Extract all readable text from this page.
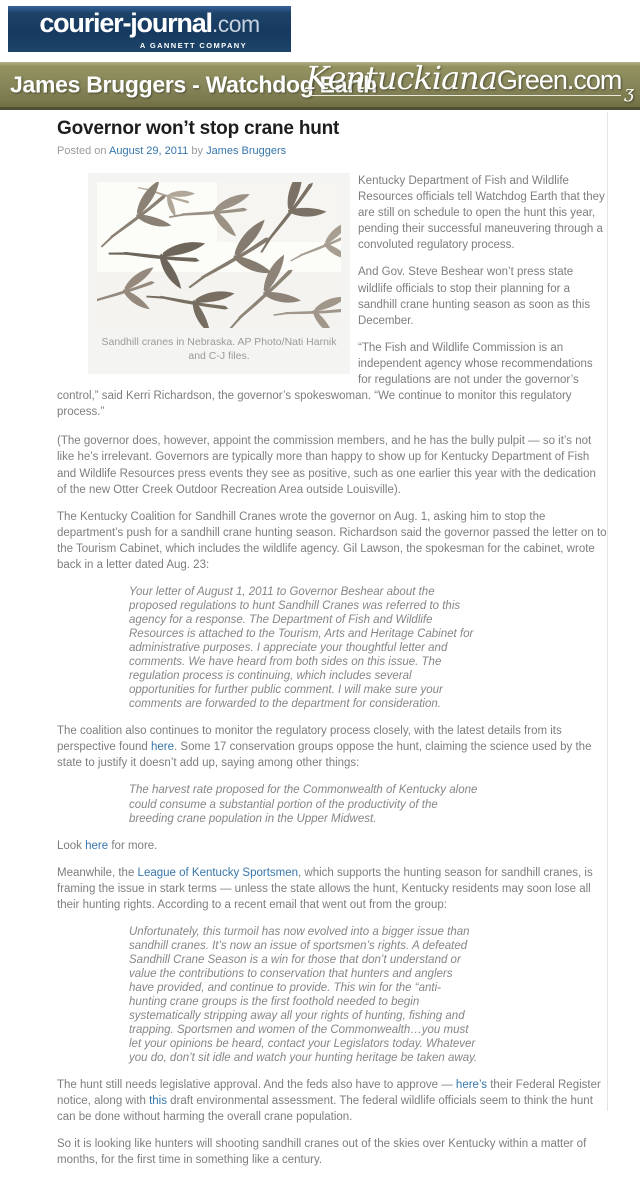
courier-journal.com
A GANNETT COMPANY
James Bruggers - Watchdog Earth
KentuckianaGreen.com ʒ
Governor won’t stop crane hunt
Posted on August 29, 2011 by James Bruggers
Sandhill cranes in Nebraska. AP Photo/Nati Harnik and C-J files.

Kentucky Department of Fish and Wildlife Resources officials tell Watchdog Earth that they are still on schedule to open the hunt this year, pending their successful maneuvering through a convoluted regulatory process.

And Gov. Steve Beshear won’t press state wildlife officials to stop their planning for a sandhill crane hunting season as soon as this December.

“The Fish and Wildlife Commission is an independent agency whose recommendations for regulations are not under the governor’s control,” said Kerri Richardson, the governor’s spokeswoman. “We continue to monitor this regulatory process.”

(The governor does, however, appoint the commission members, and he has the bully pulpit — so it’s not like he’s irrelevant. Governors are typically more than happy to show up for Kentucky Department of Fish and Wildlife Resources press events they see as positive, such as one earlier this year with the dedication of the new Otter Creek Outdoor Recreation Area outside Louisville).

The Kentucky Coalition for Sandhill Cranes wrote the governor on Aug. 1, asking him to stop the department’s push for a sandhill crane hunting season. Richardson said the governor passed the letter on to the Tourism Cabinet, which includes the wildlife agency. Gil Lawson, the spokesman for the cabinet, wrote back in a letter dated Aug. 23:

Your letter of August 1, 2011 to Governor Beshear about the proposed regulations to hunt Sandhill Cranes was referred to this agency for a response. The Department of Fish and Wildlife Resources is attached to the Tourism, Arts and Heritage Cabinet for administrative purposes. I appreciate your thoughtful letter and comments. We have heard from both sides on this issue. The regulation process is continuing, which includes several opportunities for further public comment. I will make sure your comments are forwarded to the department for consideration.

The coalition also continues to monitor the regulatory process closely, with the latest details from its perspective found here. Some 17 conservation groups oppose the hunt, claiming the science used by the state to justify it doesn’t add up, saying among other things:

The harvest rate proposed for the Commonwealth of Kentucky alone could consume a substantial portion of the productivity of the breeding crane population in the Upper Midwest.

Look here for more.

Meanwhile, the League of Kentucky Sportsmen, which supports the hunting season for sandhill cranes, is framing the issue in stark terms — unless the state allows the hunt, Kentucky residents may soon lose all their hunting rights. According to a recent email that went out from the group:

Unfortunately, this turmoil has now evolved into a bigger issue than sandhill cranes. It’s now an issue of sportsmen’s rights. A defeated Sandhill Crane Season is a win for those that don’t understand or value the contributions to conservation that hunters and anglers have provided, and continue to provide. This win for the “anti-hunting crane groups is the first foothold needed to begin systematically stripping away all your rights of hunting, fishing and trapping. Sportsmen and women of the Commonwealth…you must let your opinions be heard, contact your Legislators today. Whatever you do, don’t sit idle and watch your hunting heritage be taken away.

The hunt still needs legislative approval. And the feds also have to approve — here’s their Federal Register notice, along with this draft environmental assessment. The federal wildlife officials seem to think the hunt can be done without harming the overall crane population.

So it is looking like hunters will shooting sandhill cranes out of the skies over Kentucky within a matter of months, for the first time in something like a century.
